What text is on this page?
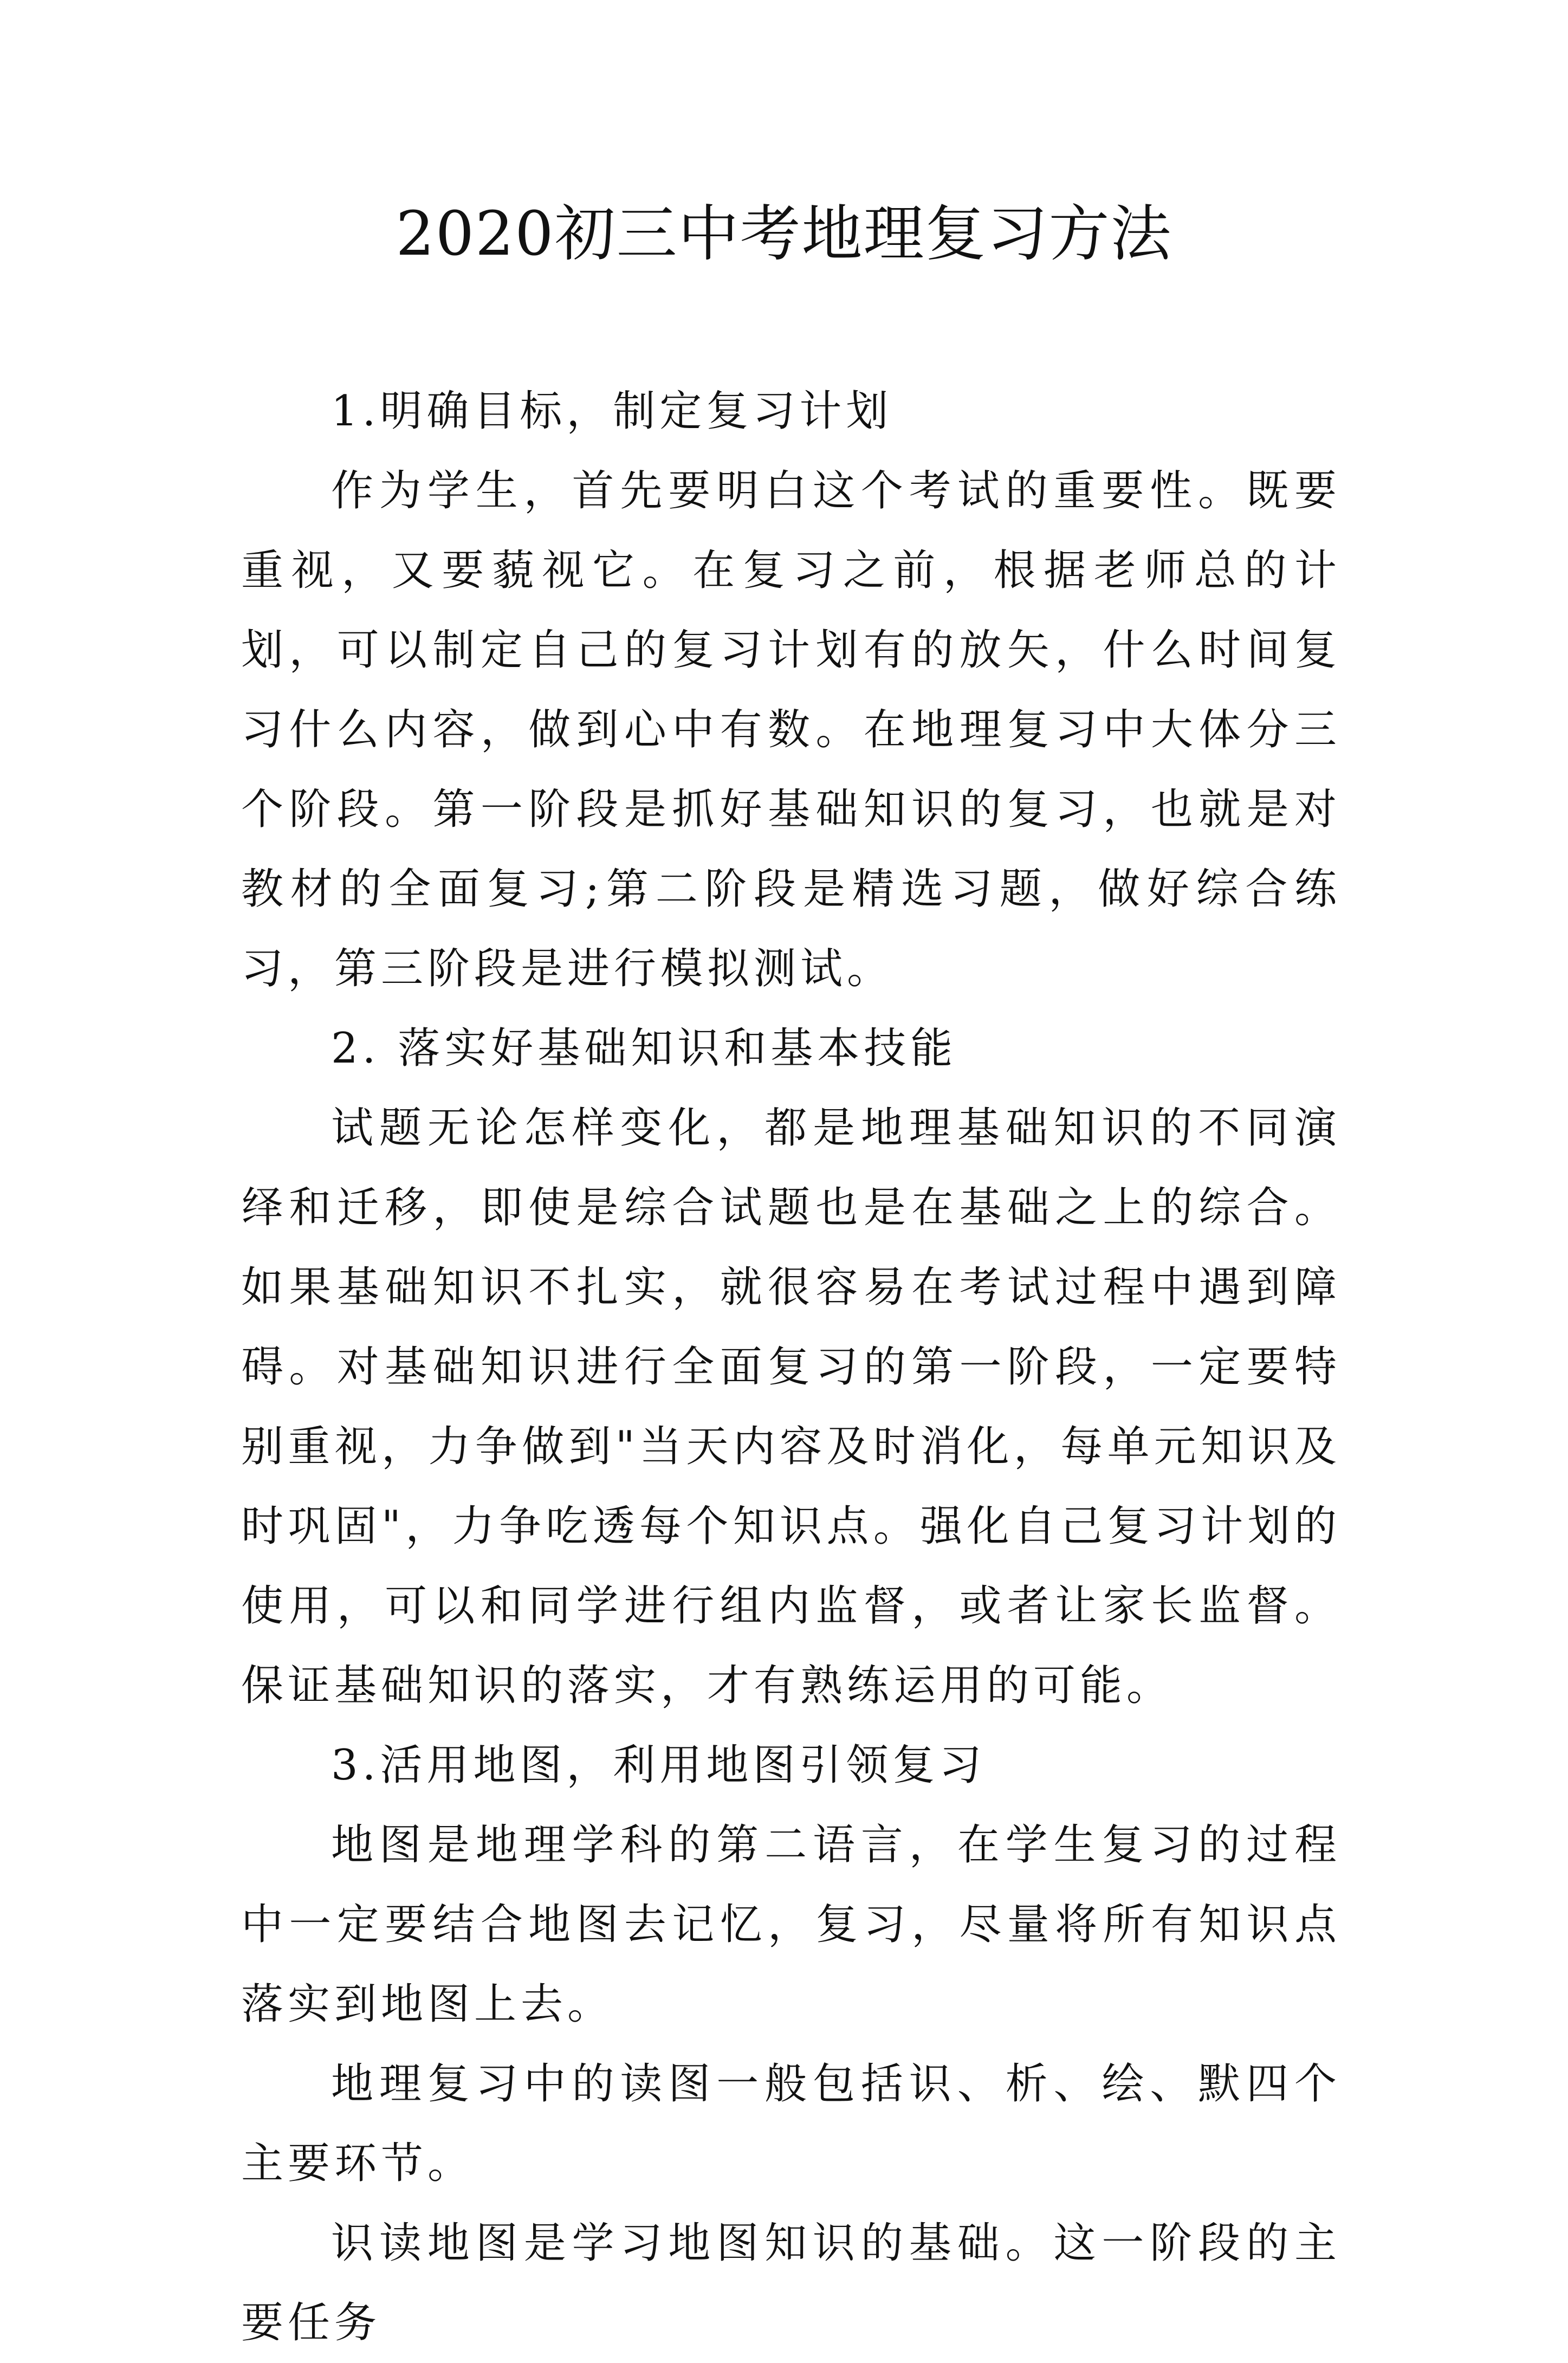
2020初三中考地理复习方法

1.明确目标，制定复习计划

作为学生，首先要明白这个考试的重要性。既要重视，又要藐视它。在复习之前，根据老师总的计划，可以制定自己的复习计划有的放矢，什么时间复习什么内容，做到心中有数。在地理复习中大体分三个阶段。第一阶段是抓好基础知识的复习，也就是对教材的全面复习;第二阶段是精选习题，做好综合练习，第三阶段是进行模拟测试。

2. 落实好基础知识和基本技能

试题无论怎样变化，都是地理基础知识的不同演绎和迁移，即使是综合试题也是在基础之上的综合。如果基础知识不扎实，就很容易在考试过程中遇到障碍。对基础知识进行全面复习的第一阶段，一定要特别重视，力争做到"当天内容及时消化，每单元知识及时巩固"，力争吃透每个知识点。强化自己复习计划的使用，可以和同学进行组内监督，或者让家长监督。保证基础知识的落实，才有熟练运用的可能。

3.活用地图，利用地图引领复习

地图是地理学科的第二语言，在学生复习的过程中一定要结合地图去记忆，复习，尽量将所有知识点落实到地图上去。

地理复习中的读图一般包括识、析、绘、默四个主要环节。

识读地图是学习地图知识的基础。这一阶段的主要任务
